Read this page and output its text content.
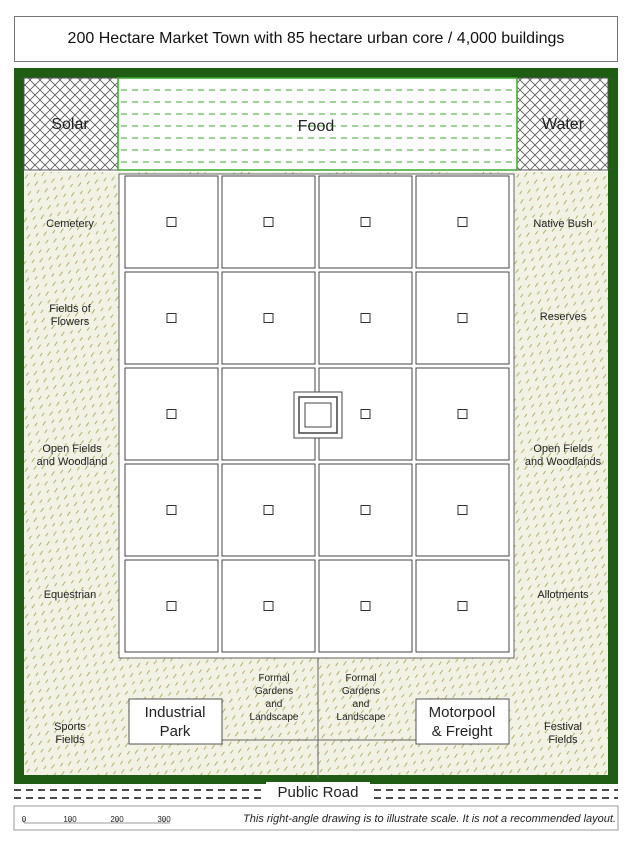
200 Hectare Market Town with 85 hectare urban core / 4,000 buildings
Solar	Food	Water
Cemetery
Fields of Flowers
Open Fields and Woodland
Equestrian
Sports Fields
Native Bush
Reserves
Open Fields and Woodlands
Allotments
Festival Fields
Formal Gardens and Landscape
Formal Gardens and Landscape
Industrial Park
Motorpool & Freight
Public Road
0	100	200	300	This right-angle drawing is to illustrate scale. It is not a recommended layout.
